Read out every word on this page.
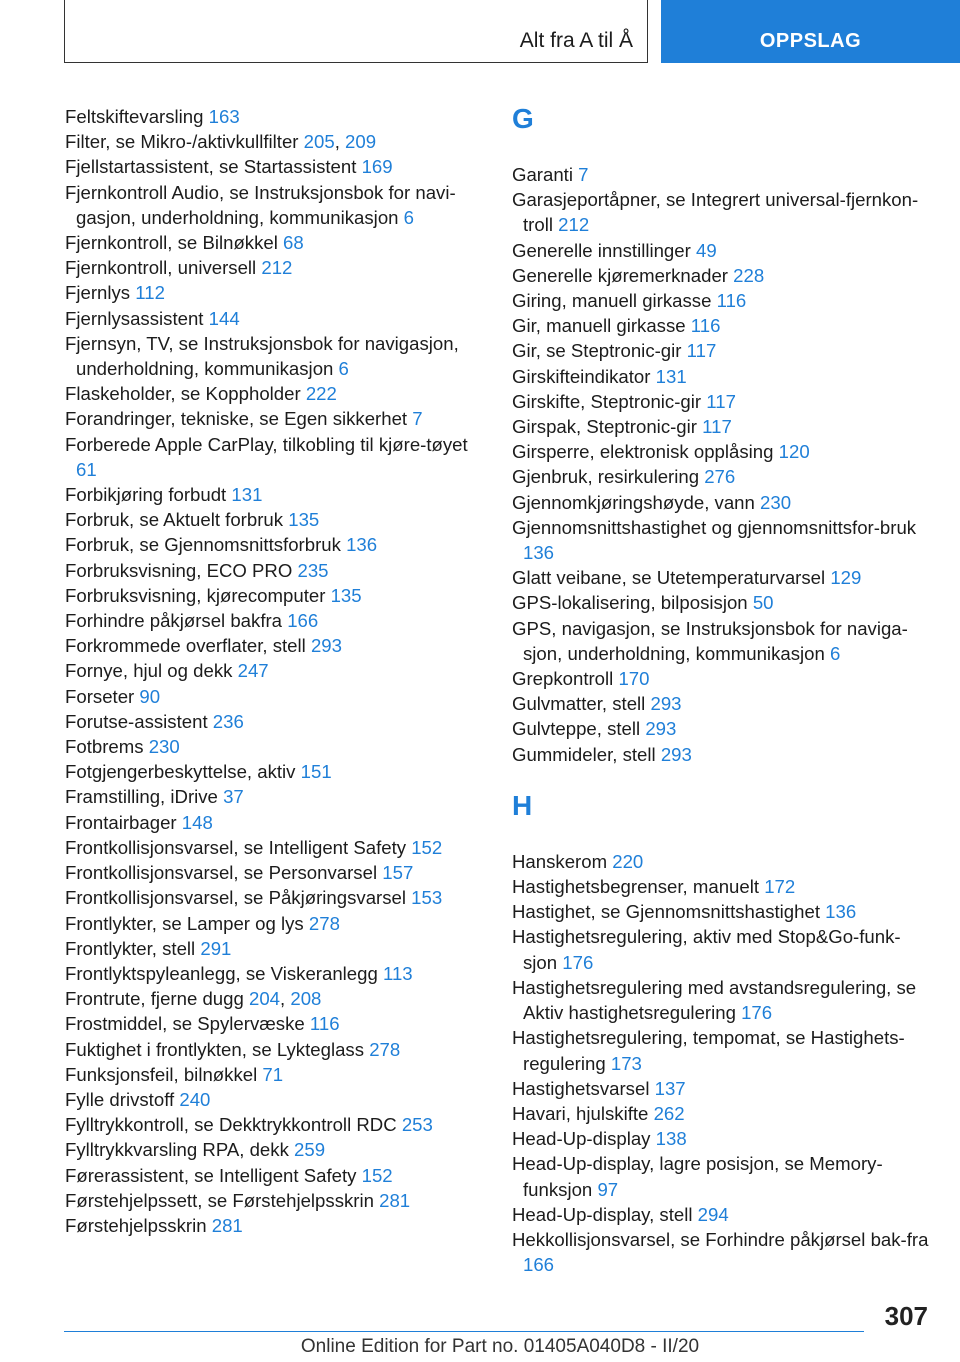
Alt fra A til Å	OPPSLAG
Feltskiftevarsling 163
Filter, se Mikro-/aktivkullfilter 205, 209
Fjellstartassistent, se Startassistent 169
Fjernkontroll Audio, se Instruksjonsbok for navi-gasjon, underholdning, kommunikasjon 6
Fjernkontroll, se Bilnøkkel 68
Fjernkontroll, universell 212
Fjernlys 112
Fjernlysassistent 144
Fjernsyn, TV, se Instruksjonsbok for navigasjon, underholdning, kommunikasjon 6
Flaskeholder, se Koppholder 222
Forandringer, tekniske, se Egen sikkerhet 7
Forberede Apple CarPlay, tilkobling til kjøre-tøyet 61
Forbikjøring forbudt 131
Forbruk, se Aktuelt forbruk 135
Forbruk, se Gjennomsnittsforbruk 136
Forbruksvisning, ECO PRO 235
Forbruksvisning, kjørecomputer 135
Forhindre påkjørsel bakfra 166
Forkrommede overflater, stell 293
Fornye, hjul og dekk 247
Forseter 90
Forutse-assistent 236
Fotbrems 230
Fotgjengerbeskyttelse, aktiv 151
Framstilling, iDrive 37
Frontairbager 148
Frontkollisjonsvarsel, se Intelligent Safety 152
Frontkollisjonsvarsel, se Personvarsel 157
Frontkollisjonsvarsel, se Påkjøringsvarsel 153
Frontlykter, se Lamper og lys 278
Frontlykter, stell 291
Frontlyktspyleanlegg, se Viskeranlegg 113
Frontrute, fjerne dugg 204, 208
Frostmiddel, se Spylervæske 116
Fuktighet i frontlykten, se Lykteglass 278
Funksjonsfeil, bilnøkkel 71
Fylle drivstoff 240
Fylltrykkontroll, se Dekktrykkontroll RDC 253
Fylltrykkvarsling RPA, dekk 259
Førerassistent, se Intelligent Safety 152
Førstehjelpssett, se Førstehjelpsskrin 281
Førstehjelpsskrin 281
G
Garanti 7
Garasjeportåpner, se Integrert universal-fjernkon-troll 212
Generelle innstillinger 49
Generelle kjøremerknader 228
Giring, manuell girkasse 116
Gir, manuell girkasse 116
Gir, se Steptronic-gir 117
Girskifteindikator 131
Girskifte, Steptronic-gir 117
Girspak, Steptronic-gir 117
Girsperre, elektronisk opplåsing 120
Gjenbruk, resirkulering 276
Gjennomkjøringshøyde, vann 230
Gjennomsnittshastighet og gjennomsnittsfor-bruk 136
Glatt veibane, se Utetemperaturvarsel 129
GPS-lokalisering, bilposisjon 50
GPS, navigasjon, se Instruksjonsbok for naviga-sjon, underholdning, kommunikasjon 6
Grepkontroll 170
Gulvmatter, stell 293
Gulvteppe, stell 293
Gummideler, stell 293
H
Hanskerom 220
Hastighetsbegrenser, manuelt 172
Hastighet, se Gjennomsnittshastighet 136
Hastighetsregulering, aktiv med Stop&Go-funk-sjon 176
Hastighetsregulering med avstandsregulering, se Aktiv hastighetsregulering 176
Hastighetsregulering, tempomat, se Hastighets-regulering 173
Hastighetsvarsel 137
Havari, hjulskifte 262
Head-Up-display 138
Head-Up-display, lagre posisjon, se Memory-funksjon 97
Head-Up-display, stell 294
Hekkollisjonsvarsel, se Forhindre påkjørsel bak-fra 166
307
Online Edition for Part no. 01405A040D8 - II/20
